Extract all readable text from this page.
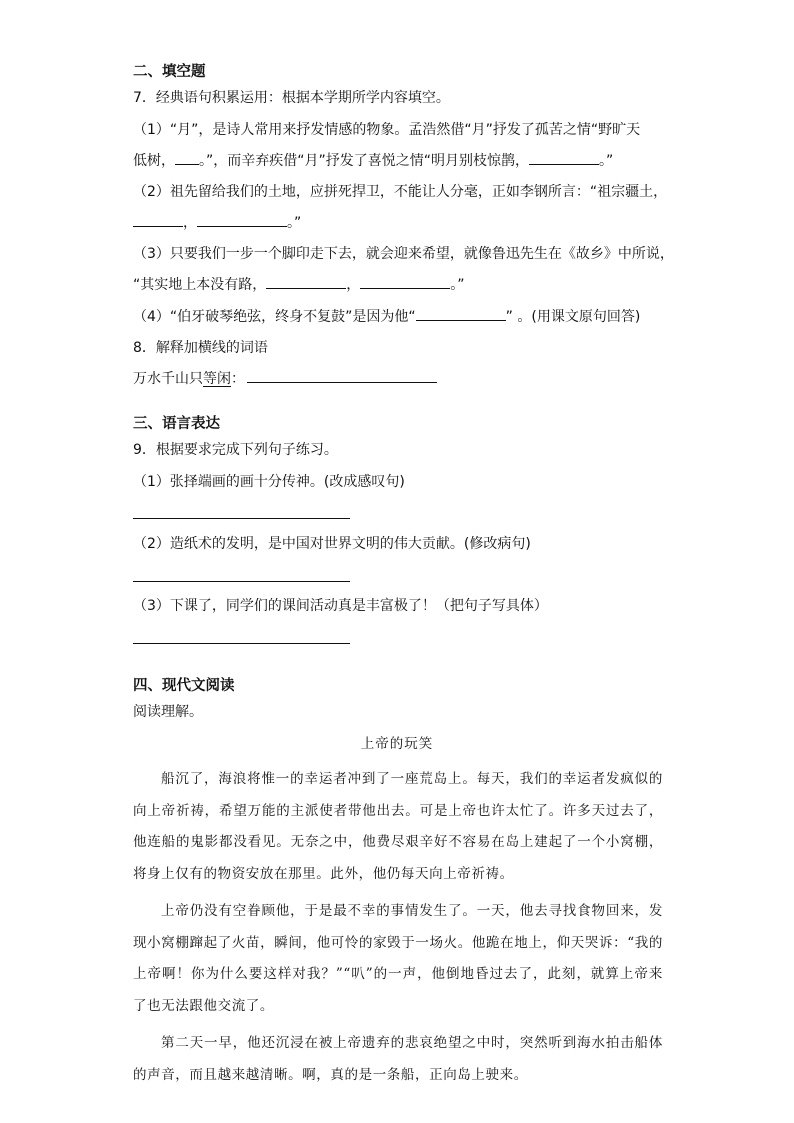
二、填空题
7．经典语句积累运用：根据本学期所学内容填空。
（1）“月”，是诗人常用来抒发情感的物象。孟浩然借“月”抒发了孤苦之情“野旷天
低树， 。”，而辛弃疾借“月”抒发了喜悦之情“明月别枝惊鹊，	。”
（2）祖先留给我们的土地，应拼死捍卫，不能让人分毫，正如李钢所言：“祖宗疆土，
，	。”
（3）只要我们一步一个脚印走下去，就会迎来希望，就像鲁迅先生在《故乡》中所说，
“其实地上本没有路，	，	。”
（4）“伯牙破琴绝弦，终身不复鼓”是因为他“	” 。(用课文原句回答)
8．解释加横线的词语
万水千山只等闲：
三、语言表达
9．根据要求完成下列句子练习。
（1）张择端画的画十分传神。(改成感叹句)
（2）造纸术的发明，是中国对世界文明的伟大贡献。(修改病句)
（3）下课了，同学们的课间活动真是丰富极了！（把句子写具体）
四、现代文阅读
阅读理解。
上帝的玩笑

船沉了，海浪将惟一的幸运者冲到了一座荒岛上。每天，我们的幸运者发疯似的向上帝祈祷，希望万能的主派使者带他出去。可是上帝也许太忙了。许多天过去了，他连船的鬼影都没看见。无奈之中，他费尽艰辛好不容易在岛上建起了一个小窝棚，将身上仅有的物资安放在那里。此外，他仍每天向上帝祈祷。

上帝仍没有空眷顾他，于是最不幸的事情发生了。一天，他去寻找食物回来，发现小窝棚蹿起了火苗，瞬间，他可怜的家毁于一场火。他跪在地上，仰天哭诉：“我的上帝啊！你为什么要这样对我？”“叭”的一声，他倒地昏过去了，此刻，就算上帝来了也无法跟他交流了。

第二天一早，他还沉浸在被上帝遗弃的悲哀绝望之中时，突然听到海水拍击船体的声音，而且越来越清晰。啊，真的是一条船，正向岛上驶来。
